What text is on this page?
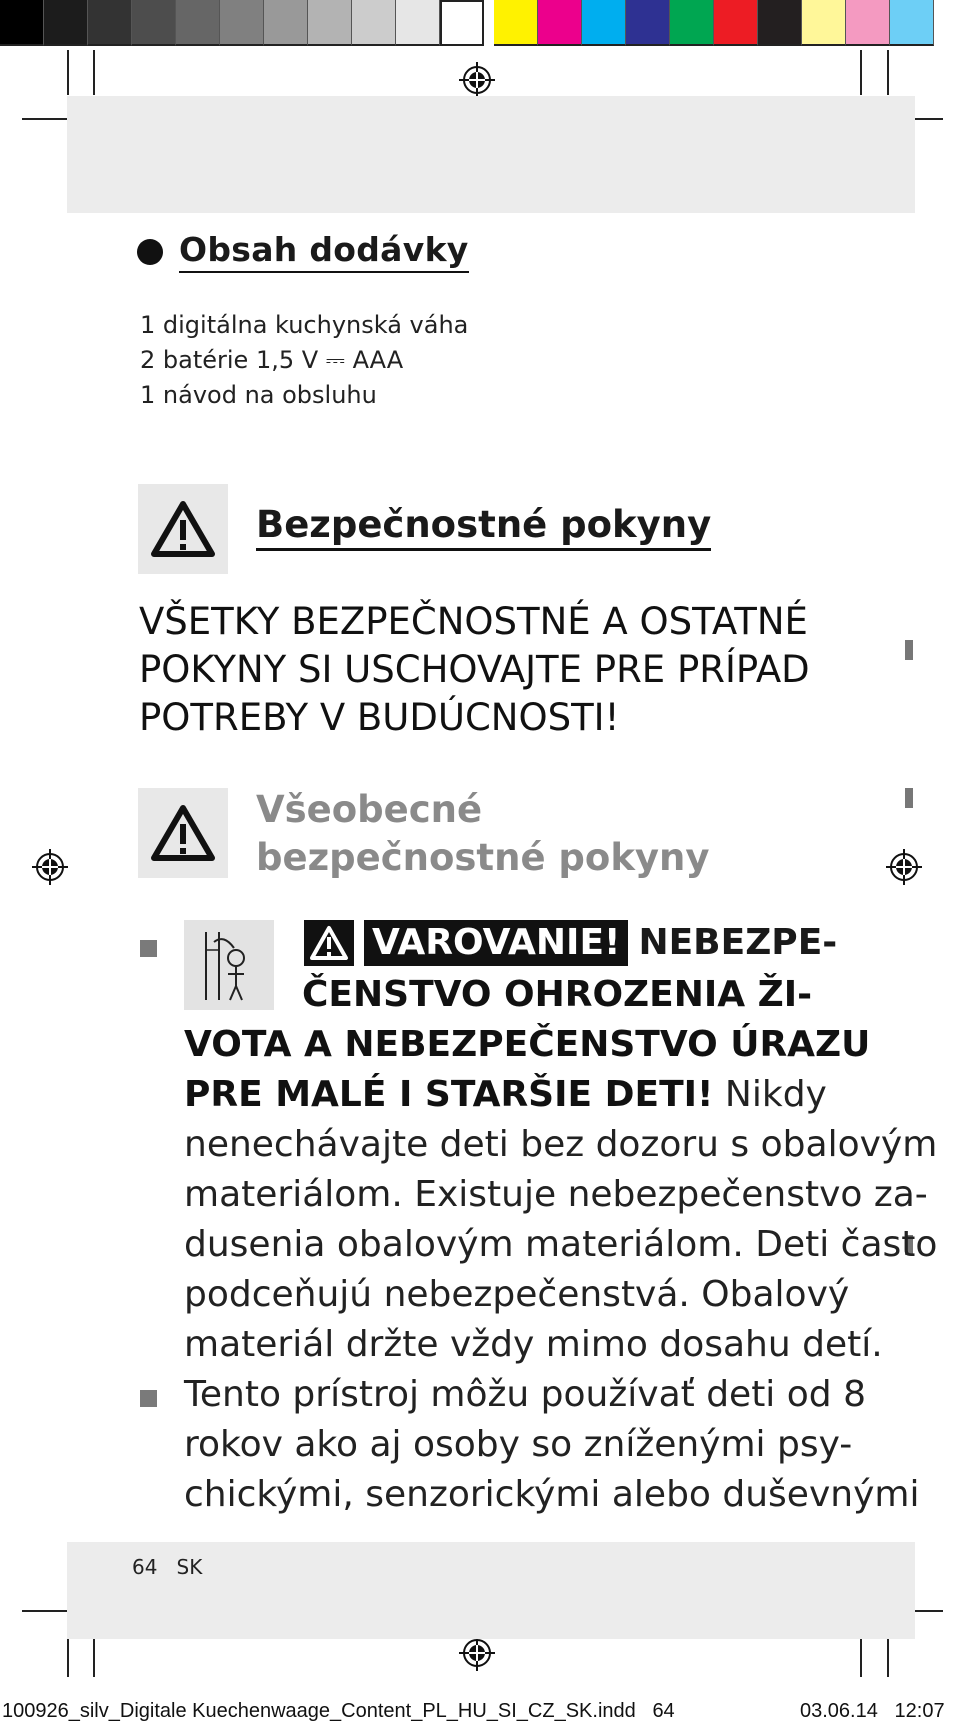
Obsah dodávky
1 digitálna kuchynská váha
2 batérie 1,5 V ⎓ AAA
1 návod na obsluhu
Bezpečnostné pokyny
VŠETKY BEZPEČNOSTNÉ A OSTATNÉ
POKYNY SI USCHOVAJTE PRE PRÍPAD
POTREBY V BUDÚCNOSTI!
Všeobecné
bezpečnostné pokyny
VAROVANIE! NEBEZPE-
ČENSTVO OHROZENIA ŽI-
VOTA A NEBEZPEČENSTVO ÚRAZU
PRE MALÉ I STARŠIE DETI! Nikdy
nenechávajte deti bez dozoru s obalovým
materiálom. Existuje nebezpečenstvo za-
dusenia obalovým materiálom. Deti často
podceňujú nebezpečenstvá. Obalový
materiál držte vždy mimo dosahu detí.
Tento prístroj môžu používať deti od 8
rokov ako aj osoby so zníženými psy-
chickými, senzorickými alebo duševnými
64 SK
100926_silv_Digitale Kuechenwaage_Content_PL_HU_SI_CZ_SK.indd 64	03.06.14 12:07
